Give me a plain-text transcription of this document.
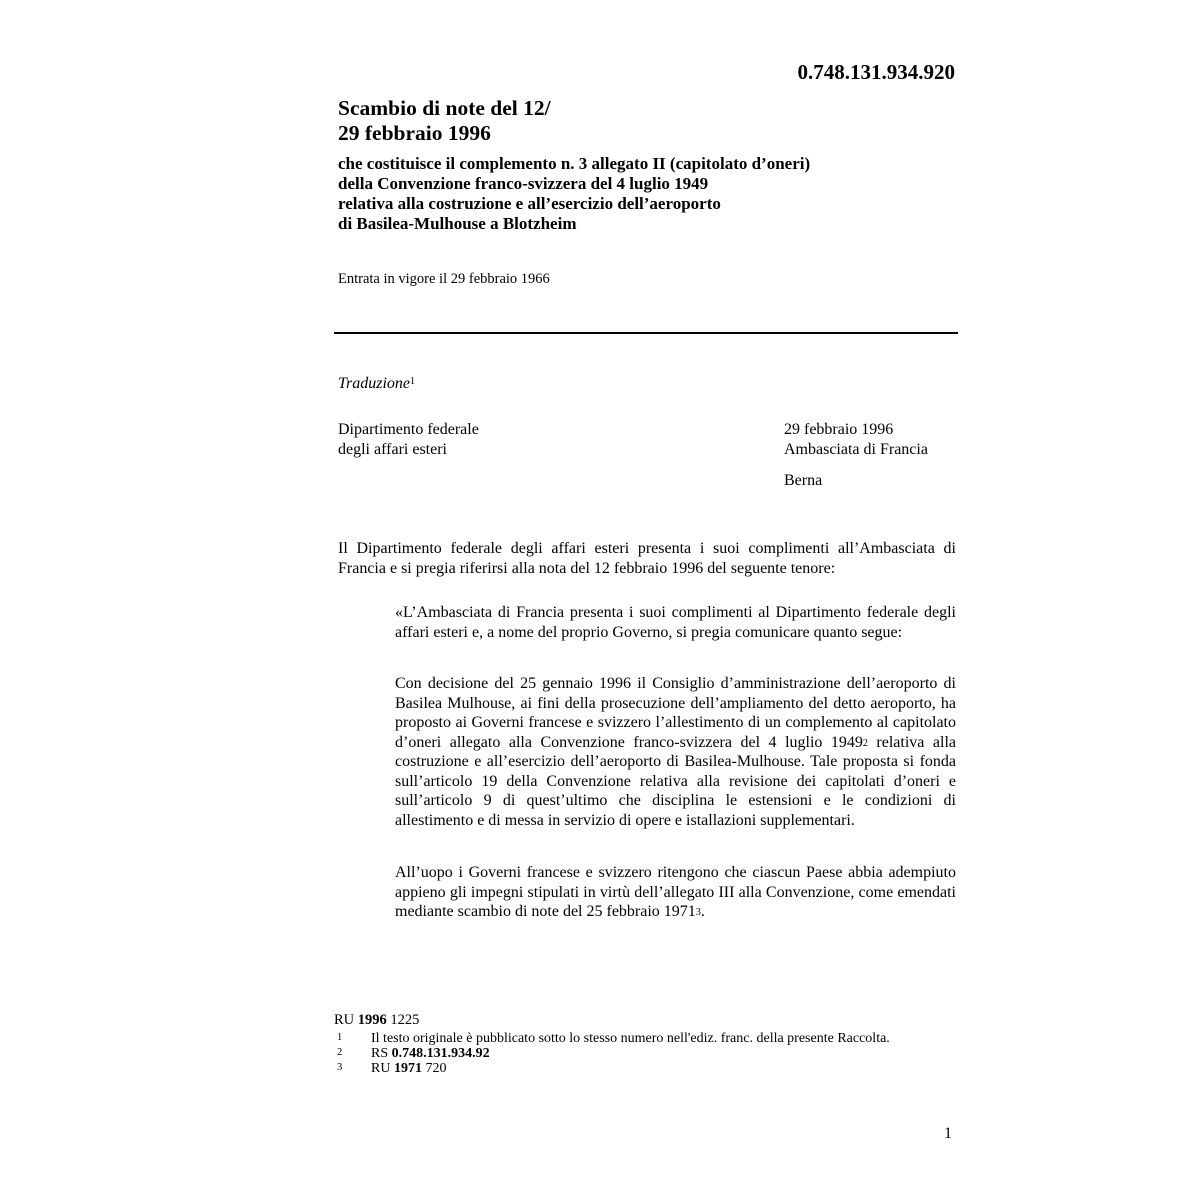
0.748.131.934.920
Scambio di note del 12/
29 febbraio 1996
che costituisce il complemento n. 3 allegato II (capitolato d’oneri)
della Convenzione franco-svizzera del 4 luglio 1949
relativa alla costruzione e all’esercizio dell’aeroporto
di Basilea-Mulhouse a Blotzheim
Entrata in vigore il 29 febbraio 1966
Traduzione$^1$
Dipartimento federale
degli affari esteri
29 febbraio 1996
Ambasciata di Francia
Berna
Il Dipartimento federale degli affari esteri presenta i suoi complimenti all’Ambasciata di Francia e si pregia riferirsi alla nota del 12 febbraio 1996 del seguente tenore:
«L’Ambasciata di Francia presenta i suoi complimenti al Dipartimento federale degli affari esteri e, a nome del proprio Governo, si pregia comunicare quanto segue:
Con decisione del 25 gennaio 1996 il Consiglio d’amministrazione dell’aeroporto di Basilea Mulhouse, ai fini della prosecuzione dell’ampliamento del detto aeroporto, ha proposto ai Governi francese e svizzero l’allestimento di un complemento al capitolato d’oneri allegato alla Convenzione franco-svizzera del 4 luglio 1949$^2$ relativa alla costruzione e all’esercizio dell’aeroporto di Basilea-Mulhouse. Tale proposta si fonda sull’articolo 19 della Convenzione relativa alla revisione dei capitolati d’oneri e sull’articolo 9 di quest’ultimo che disciplina le estensioni e le condizioni di allestimento e di messa in servizio di opere e istallazioni supplementari.
All’uopo i Governi francese e svizzero ritengono che ciascun Paese abbia adempiuto appieno gli impegni stipulati in virtù dell’allegato III alla Convenzione, come emendati mediante scambio di note del 25 febbraio 1971$^3$.
RU 1996 1225
1	Il testo originale è pubblicato sotto lo stesso numero nell'ediz. franc. della presente Raccolta.
2	RS 0.748.131.934.92
3	RU 1971 720
1
